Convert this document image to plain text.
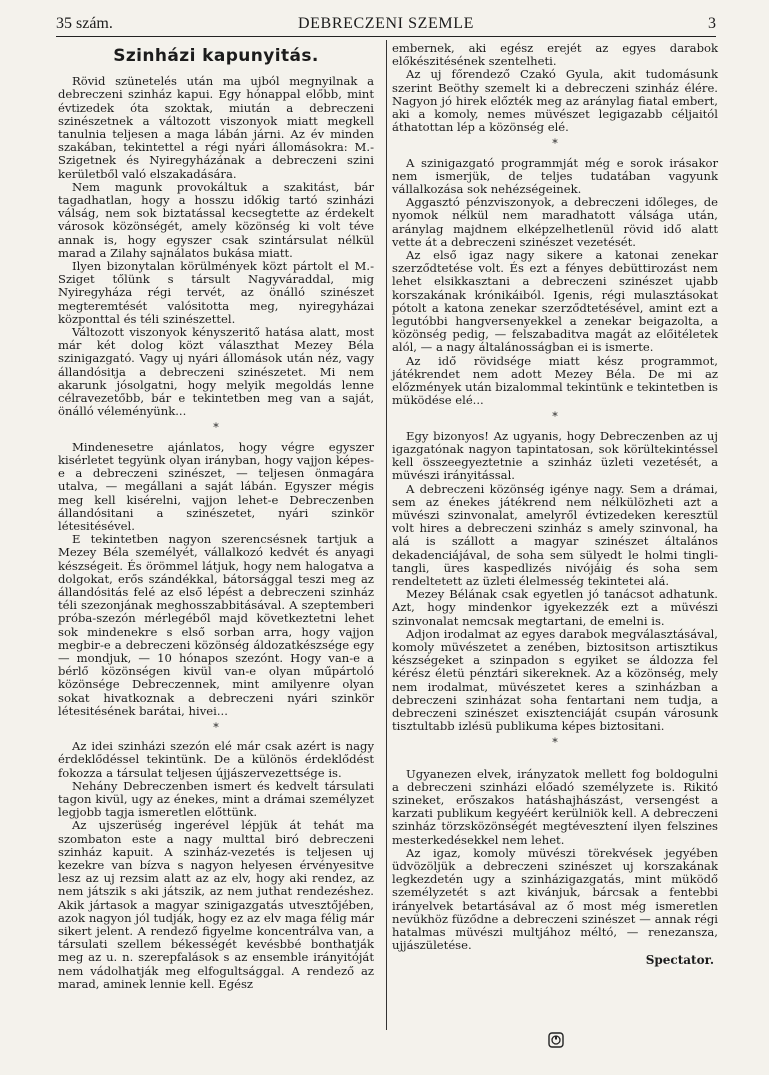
35 szám.	DEBRECZENI SZEMLE	3
Szinházi kapunyitás.

Rövid szünetelés után ma ujból megnyilnak a debreczeni szinház kapui. Egy hónappal előbb, mint évtizedek óta szoktak, miután a debreczeni szinészetnek a változott viszonyok miatt megkell tanulnia teljesen a maga lábán járni. Az év minden szakában, tekintettel a régi nyári állomásokra: M.-Szigetnek és Nyiregyházának a debreczeni szini kerületből való elszakadására.

Nem magunk provokáltuk a szakitást, bár tagadhatlan, hogy a hosszu időkig tartó szinházi válság, nem sok biztatással kecsegtette az érdekelt városok közönségét, amely közönség ki volt téve annak is, hogy egyszer csak szintársulat nélkül marad a Zilahy sajnálatos bukása miatt.

Ilyen bizonytalan körülmények közt pártolt el M.-Sziget tőlünk s társult Nagyváraddal, mig Nyiregyháza régi tervét, az önálló szinészet megteremtését valósitotta meg, nyiregyházai központtal és téli szinészettel.

Változott viszonyok kényszeritő hatása alatt, most már két dolog közt választhat Mezey Béla szinigazgató. Vagy uj nyári állomások után néz, vagy állandósitja a debreczeni szinészetet. Mi nem akarunk jósolgatni, hogy melyik megoldás lenne célravezetőbb, bár e tekintetben meg van a saját, önálló véleményünk...

*

Mindenesetre ajánlatos, hogy végre egyszer kisérletet tegyünk olyan irányban, hogy vajjon képes-e a debreczeni szinészet, — teljesen önmagára utalva, — megállani a saját lábán. Egyszer mégis meg kell kisérelni, vajjon lehet-e Debreczenben állandósitani a szinészetet, nyári szinkör létesitésével.

E tekintetben nagyon szerencsésnek tartjuk a Mezey Béla személyét, vállalkozó kedvét és anyagi készségeit. És örömmel látjuk, hogy nem halogatva a dolgokat, erős szándékkal, bátorsággal teszi meg az állandósitás felé az első lépést a debreczeni szinház téli szezonjának meghosszabbitásával. A szeptemberi próba-szezón mérlegéből majd következtetni lehet sok mindenekre s első sorban arra, hogy vajjon megbir-e a debreczeni közönség áldozatkészsége egy — mondjuk, — 10 hónapos szezónt. Hogy van-e a bérlő közönségen kivül van-e olyan műpártoló közönsége Debreczennek, mint amilyenre olyan sokat hivatkoznak a debreczeni nyári szinkör létesitésének barátai, hivei...

*

Az idei szinházi szezón elé már csak azért is nagy érdeklődéssel tekintünk. De a különös érdeklődést fokozza a társulat teljesen újjászervezettsége is.

Nehány Debreczenben ismert és kedvelt társulati tagon kivül, ugy az énekes, mint a drámai személyzet legjobb tagja ismeretlen előttünk.

Az ujszerüség ingerével lépjük át tehát ma szombaton este a nagy multtal biró debreczeni szinház kapuit. A szinház-vezetés is teljesen uj kezekre van bízva s nagyon helyesen érvényesitve lesz az uj rezsim alatt az az elv, hogy aki rendez, az nem játszik s aki játszik, az nem juthat rendezéshez. Akik jártasok a magyar szinigazgatás utvesztőjében, azok nagyon jól tudják, hogy ez az elv maga félig már sikert jelent. A rendező figyelme koncentrálva van, a társulati szellem békességét kevésbbé bonthatják meg az u. n. szerepfalások s az ensemble irányitóját nem vádolhatják meg elfogultsággal. A rendező az marad, aminek lennie kell. Egész

embernek, aki egész erejét az egyes darabok előkészitésének szentelheti.

Az uj főrendező Czakó Gyula, akit tudomásunk szerint Beöthy szemelt ki a debreczeni szinház élére. Nagyon jó hirek előzték meg az aránylag fiatal embert, aki a komoly, nemes müvészet legigazabb céljaitól áthatottan lép a közönség elé.

*

A szinigazgató programmját még e sorok irásakor nem ismerjük, de teljes tudatában vagyunk vállalkozása sok nehézségeinek.

Aggasztó pénzviszonyok, a debreczeni időleges, de nyomok nélkül nem maradhatott válsága után, aránylag majdnem elképzelhetlenül rövid idő alatt vette át a debreczeni szinészet vezetését.

Az első igaz nagy sikere a katonai zenekar szerződtetése volt. És ezt a fényes debüttirozást nem lehet elsikkasztani a debreczeni szinészet ujabb korszakának krónikáiból. Igenis, régi mulasztásokat pótolt a katona zenekar szerződtetésével, amint ezt a legutóbbi hangversenyekkel a zenekar beigazolta, a közönség pedig, — felszabaditva magát az előitéletek alól, — a nagy általánosságban ei is ismerte.

Az idő rövidsége miatt kész programmot, játékrendet nem adott Mezey Béla. De mi az előzmények után bizalommal tekintünk e tekintetben is müködése elé...

*

Egy bizonyos! Az ugyanis, hogy Debreczenben az uj igazgatónak nagyon tapintatosan, sok körültekintéssel kell összeegyeztetnie a szinház üzleti vezetését, a müvészi irányitással.

A debreczeni közönség igénye nagy. Sem a drámai, sem az énekes játékrend nem nélkülözheti azt a müvészi szinvonalat, amelyről évtizedeken keresztül volt hires a debreczeni szinház s amely szinvonal, ha alá is szállott a magyar szinészet általános dekadenciájával, de soha sem sülyedt le holmi tingli-tangli, üres kaspedlizés nivójáig és soha sem rendeltetett az üzleti élelmesség tekintetei alá.

Mezey Bélának csak egyetlen jó tanácsot adhatunk. Azt, hogy mindenkor igyekezzék ezt a müvészi szinvonalat nemcsak megtartani, de emelni is.

Adjon irodalmat az egyes darabok megválasztásával, komoly müvészetet a zenében, biztositson artisztikus készségeket a szinpadon s egyiket se áldozza fel kérész életü pénztári sikereknek. Az a közönség, mely nem irodalmat, müvészetet keres a szinházban a debreczeni szinházat soha fentartani nem tudja, a debreczeni szinészet exisztenciáját csupán városunk tisztultabb izlésü publikuma képes biztositani.

*

Ugyanezen elvek, irányzatok mellett fog boldogulni a debreczeni szinházi előadó személyzete is. Rikitó szineket, erőszakos hatáshajhászást, versengést a karzati publikum kegyéért kerülniök kell. A debreczeni szinház törzsközönségét megtévesztení ilyen felszines mesterkedésekkel nem lehet.

Az igaz, komoly müvészi törekvések jegyében üdvözöljük a debreczeni szinészet uj korszakának legkezdetén ugy a szinházigazgatás, mint müködő személyzetét s azt kivánjuk, bárcsak a fentebbi irányelvek betartásával az ő most még ismeretlen nevükhöz füződne a debreczeni szinészet — annak régi hatalmas müvészi multjához méltó, — renezansza, ujjászületése.

Spectator.
